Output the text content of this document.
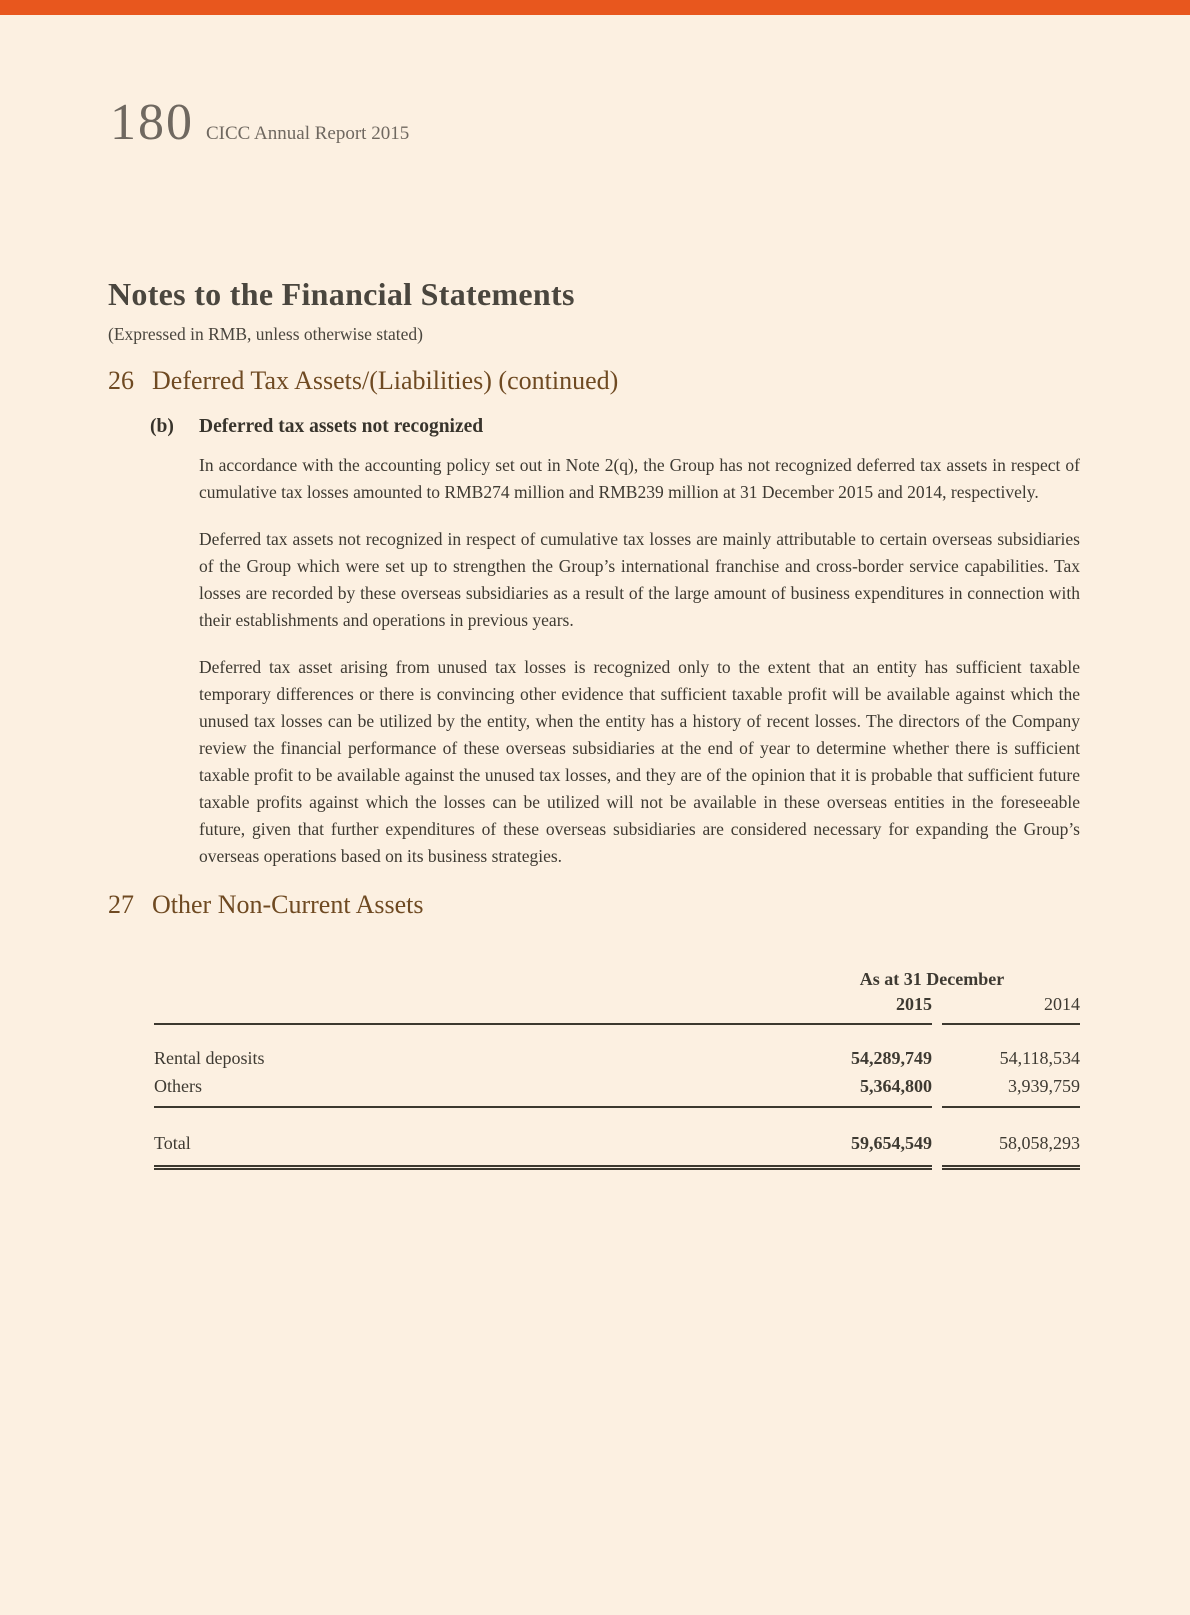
180 CICC Annual Report 2015
Notes to the Financial Statements
(Expressed in RMB, unless otherwise stated)
26 Deferred Tax Assets/(Liabilities) (continued)
(b)	Deferred tax assets not recognized

In accordance with the accounting policy set out in Note 2(q), the Group has not recognized deferred tax assets in respect of cumulative tax losses amounted to RMB274 million and RMB239 million at 31 December 2015 and 2014, respectively.

Deferred tax assets not recognized in respect of cumulative tax losses are mainly attributable to certain overseas subsidiaries of the Group which were set up to strengthen the Group’s international franchise and cross-border service capabilities. Tax losses are recorded by these overseas subsidiaries as a result of the large amount of business expenditures in connection with their establishments and operations in previous years.

Deferred tax asset arising from unused tax losses is recognized only to the extent that an entity has sufficient taxable temporary differences or there is convincing other evidence that sufficient taxable profit will be available against which the unused tax losses can be utilized by the entity, when the entity has a history of recent losses. The directors of the Company review the financial performance of these overseas subsidiaries at the end of year to determine whether there is sufficient taxable profit to be available against the unused tax losses, and they are of the opinion that it is probable that sufficient future taxable profits against which the losses can be utilized will not be available in these overseas entities in the foreseeable future, given that further expenditures of these overseas subsidiaries are considered necessary for expanding the Group’s overseas operations based on its business strategies.

27 Other Non-Current Assets
	As at 31 December		
	2015		2014

Rental deposits	54,289,749		54,118,534
Others	5,364,800		3,939,759

Total	59,654,549		58,058,293
